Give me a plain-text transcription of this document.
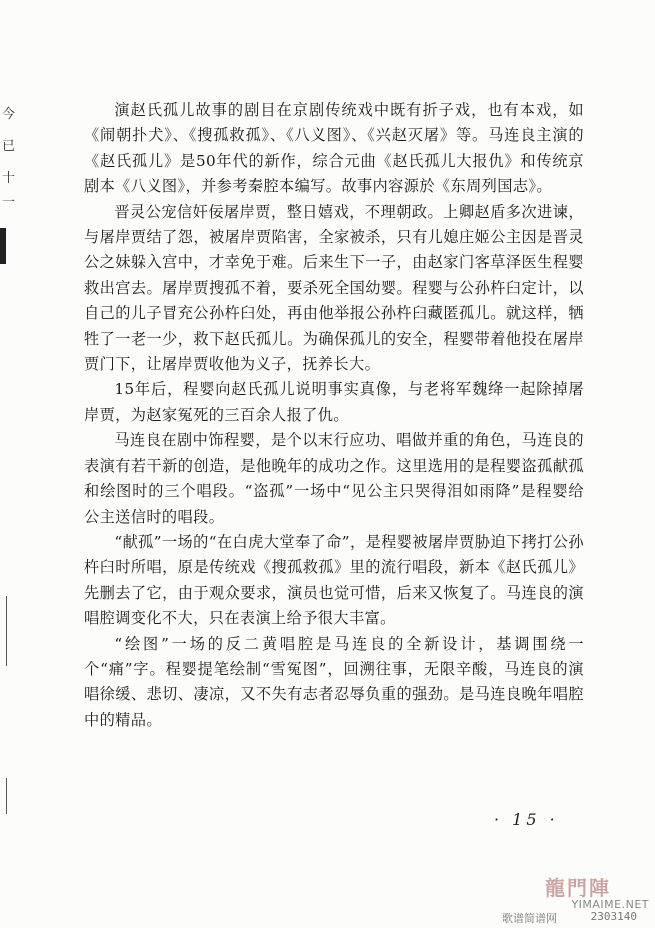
今
已
十
一

演赵氏孤儿故事的剧目在京剧传统戏中既有折子戏，也有本戏，如《闹朝扑犬》、《搜孤救孤》、《八义图》、《兴赵灭屠》等。马连良主演的《赵氏孤儿》是50年代的新作，综合元曲《赵氏孤儿大报仇》和传统京剧本《八义图》，并参考秦腔本编写。故事内容源於《东周列国志》。

晋灵公宠信奸佞屠岸贾，整日嬉戏，不理朝政。上卿赵盾多次进谏，与屠岸贾结了怨，被屠岸贾陷害，全家被杀，只有儿媳庄姬公主因是晋灵公之妹躲入宫中，才幸免于难。后来生下一子，由赵家门客草泽医生程婴救出宫去。屠岸贾搜孤不着，要杀死全国幼婴。程婴与公孙杵臼定计，以自己的儿子冒充公孙杵臼处，再由他举报公孙杵臼藏匿孤儿。就这样，牺牲了一老一少，救下赵氏孤儿。为确保孤儿的安全，程婴带着他投在屠岸贾门下，让屠岸贾收他为义子，抚养长大。

15年后，程婴向赵氏孤儿说明事实真像，与老将军魏绛一起除掉屠岸贾，为赵家冤死的三百余人报了仇。

马连良在剧中饰程婴，是个以末行应功、唱做并重的角色，马连良的表演有若干新的创造，是他晚年的成功之作。这里选用的是程婴盗孤献孤和绘图时的三个唱段。“盗孤”一场中“见公主只哭得泪如雨降”是程婴给公主送信时的唱段。

“献孤”一场的“在白虎大堂奉了命”，是程婴被屠岸贾胁迫下拷打公孙杵臼时所唱，原是传统戏《搜孤救孤》里的流行唱段，新本《赵氏孤儿》先删去了它，由于观众要求，演员也觉可惜，后来又恢复了。马连良的演唱腔调变化不大，只在表演上给予很大丰富。

“绘图”一场的反二黄唱腔是马连良的全新设计，基调围绕一个“痛”字。程婴提笔绘制“雪冤图”，回溯往事，无限辛酸，马连良的演唱徐缓、悲切、凄凉，又不失有志者忍辱负重的强劲。是马连良晚年唱腔中的精品。

· 15 ·
龍門陣
YIMAIME.NET
歌谱简谱网	2303140
